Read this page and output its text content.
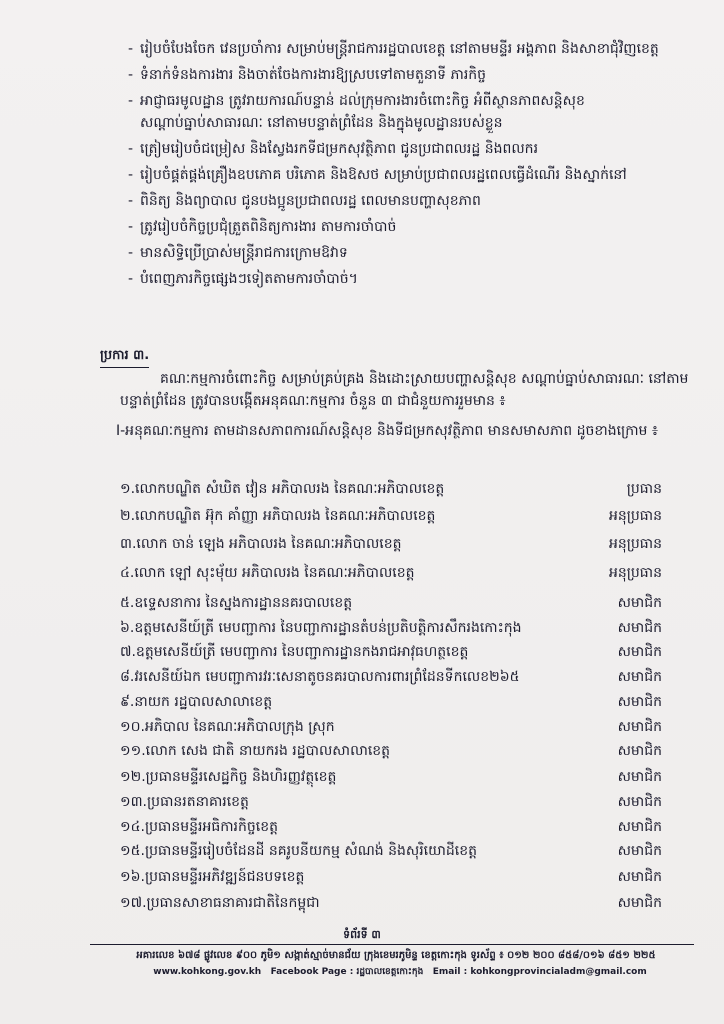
- រៀបចំបែងចែក វេនប្រចាំការ សម្រាប់មន្ត្រីរាជការរដ្ឋបាលខេត្ត នៅតាមមន្ទីរ អង្គភាព និងសាខាជុំវិញខេត្ត
- ទំនាក់ទំនងការងារ និងចាត់ចែងការងារឱ្យស្របទៅតាមតួនាទី ភារកិច្ច
- អាជ្ញាធរមូលដ្ឋាន ត្រូវរាយការណ៍បន្ទាន់ ដល់ក្រុមការងារចំពោះកិច្ច អំពីស្ថានភាពសន្តិសុខ សណ្តាប់ធ្នាប់សាធារណៈ នៅតាមបន្ទាត់ព្រំដែន និងក្នុងមូលដ្ឋានរបស់ខ្លួន
- ត្រៀមរៀបចំជម្រៀស និងស្វែងរកទីជម្រកសុវត្ថិភាព ជូនប្រជាពលរដ្ឋ និងពលករ
- រៀបចំផ្គត់ផ្គង់គ្រឿងឧបភោគ បរិភោគ និងឱសថ សម្រាប់ប្រជាពលរដ្ឋពេលធ្វើដំណើរ និងស្នាក់នៅ
- ពិនិត្យ និងព្យាបាល ជូនបងប្អូនប្រជាពលរដ្ឋ ពេលមានបញ្ហាសុខភាព
- ត្រូវរៀបចំកិច្ចប្រជុំត្រួតពិនិត្យការងារ តាមការចាំបាច់
- មានសិទ្ធិប្រើប្រាស់មន្ត្រីរាជការក្រោមឱវាទ
- បំពេញភារកិច្ចផ្សេងៗទៀតតាមការចាំបាច់។
ប្រការ ៣.
គណៈកម្មការចំពោះកិច្ច សម្រាប់គ្រប់គ្រង និងដោះស្រាយបញ្ហាសន្តិសុខ សណ្តាប់ធ្នាប់សាធារណៈ នៅតាមបន្ទាត់ព្រំដែន ត្រូវបានបង្កើតអនុគណៈកម្មការ ចំនួន ៣ ជាជំនួយការរួមមាន ៖
I-អនុគណៈកម្មការ តាមដានសភាពការណ៍សន្តិសុខ និងទីជម្រកសុវត្ថិភាព មានសមាសភាព ដូចខាងក្រោម ៖
១.លោកបណ្ឌិត សំឃិត វៀន អភិបាលរង នៃគណៈអភិបាលខេត្ត	ប្រធាន
២.លោកបណ្ឌិត អ៊ុក គាំញ្ញា អភិបាលរង នៃគណៈអភិបាលខេត្ត	អនុប្រធាន
៣.លោក ចាន់ ឡេង អភិបាលរង នៃគណៈអភិបាលខេត្ត	អនុប្រធាន
៤.លោក ឡៅ សុះម៉័យ អភិបាលរង នៃគណៈអភិបាលខេត្ត	អនុប្រធាន
៥.ឧទ្ទេសនាការ នៃស្នងការដ្ឋាននគរបាលខេត្ត	សមាជិក
៦.ឧត្តមសេនីយ៍ត្រី មេបញ្ជាការ នៃបញ្ជាការដ្ឋានតំបន់ប្រតិបត្តិការសឹករងកោះកុង	សមាជិក
៧.ឧត្តមសេនីយ៍ត្រី មេបញ្ជាការ នៃបញ្ជាការដ្ឋានកងរាជអាវុធហត្ថខេត្ត	សមាជិក
៨.វរសេនីយ៍ឯក មេបញ្ជាការវរៈសេនាតូចនគរបាលការពារព្រំដែនទីកលេខ២៦៥	សមាជិក
៩.នាយក រដ្ឋបាលសាលាខេត្ត	សមាជិក
១០.អភិបាល នៃគណៈអភិបាលក្រុង ស្រុក	សមាជិក
១១.លោក សេង ជាតិ នាយករង រដ្ឋបាលសាលាខេត្ត	សមាជិក
១២.ប្រធានមន្ទីរសេដ្ឋកិច្ច និងហិរញ្ញវត្ថុខេត្ត	សមាជិក
១៣.ប្រធានរតនាគារខេត្ត	សមាជិក
១៤.ប្រធានមន្ទីរអធិការកិច្ចខេត្ត	សមាជិក
១៥.ប្រធានមន្ទីររៀបចំដែនដី នគរូបនីយកម្ម សំណង់ និងសុរិយោដីខេត្ត	សមាជិក
១៦.ប្រធានមន្ទីរអភិវឌ្ឍន៍ជនបទខេត្ត	សមាជិក
១៧.ប្រធានសាខាធនាគារជាតិនៃកម្ពុជា	សមាជិក
ទំព័រទី ៣
អគារលេខ ៦៧៨ ផ្លូវលេខ ៩០០ ភូមិ១ សង្កាត់ស្មាច់មានជ័យ ក្រុងខេមរភូមិន្ទ ខេត្តកោះកុង ទូរស័ព្ទ ៖ ០១២ ២០០ ៨៥៨/០១៦ ៨៥១ ២២៥
www.kohkong.gov.kh Facebook Page : រដ្ឋបាលខេត្តកោះកុង Email : kohkongprovincialadm@gmail.com
